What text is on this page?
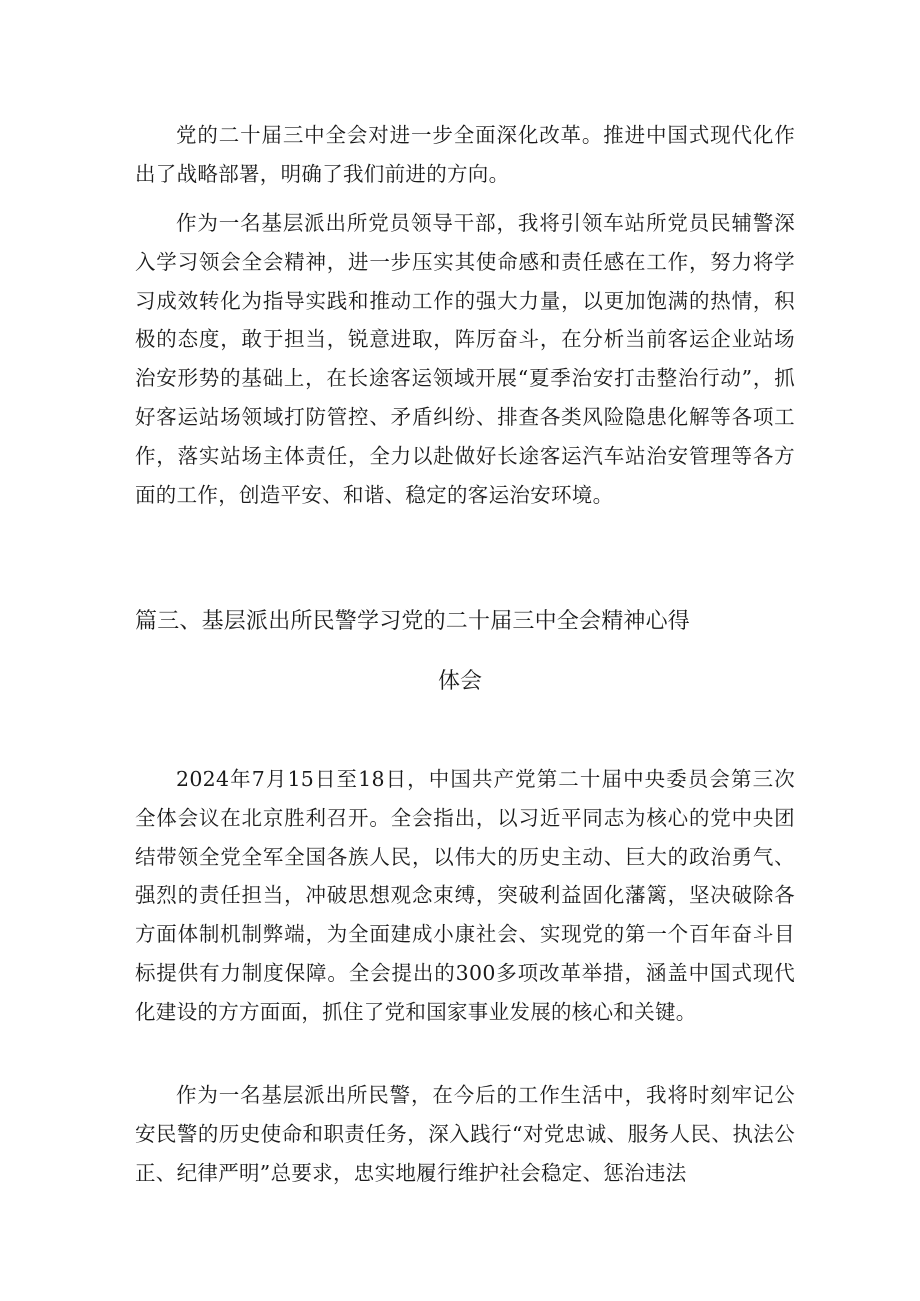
党的二十届三中全会对进一步全面深化改革。推进中国式现代化作出了战略部署，明确了我们前进的方向。

作为一名基层派出所党员领导干部，我将引领车站所党员民辅警深入学习领会全会精神，进一步压实其使命感和责任感在工作，努力将学习成效转化为指导实践和推动工作的强大力量，以更加饱满的热情，积极的态度，敢于担当，锐意进取，阵厉奋斗，在分析当前客运企业站场治安形势的基础上，在长途客运领域开展“夏季治安打击整治行动”，抓好客运站场领域打防管控、矛盾纠纷、排查各类风险隐患化解等各项工作，落实站场主体责任，全力以赴做好长途客运汽车站治安管理等各方面的工作，创造平安、和谐、稳定的客运治安环境。

篇三、基层派出所民警学习党的二十届三中全会精神心得
体会

2024年7月15日至18日，中国共产党第二十届中央委员会第三次全体会议在北京胜利召开。全会指出，以习近平同志为核心的党中央团结带领全党全军全国各族人民，以伟大的历史主动、巨大的政治勇气、强烈的责任担当，冲破思想观念束缚，突破利益固化藩篱，坚决破除各方面体制机制弊端，为全面建成小康社会、实现党的第一个百年奋斗目标提供有力制度保障。全会提出的300多项改革举措，涵盖中国式现代化建设的方方面面，抓住了党和国家事业发展的核心和关键。

作为一名基层派出所民警，在今后的工作生活中，我将时刻牢记公安民警的历史使命和职责任务，深入践行“对党忠诚、服务人民、执法公正、纪律严明”总要求，忠实地履行维护社会稳定、惩治违法
